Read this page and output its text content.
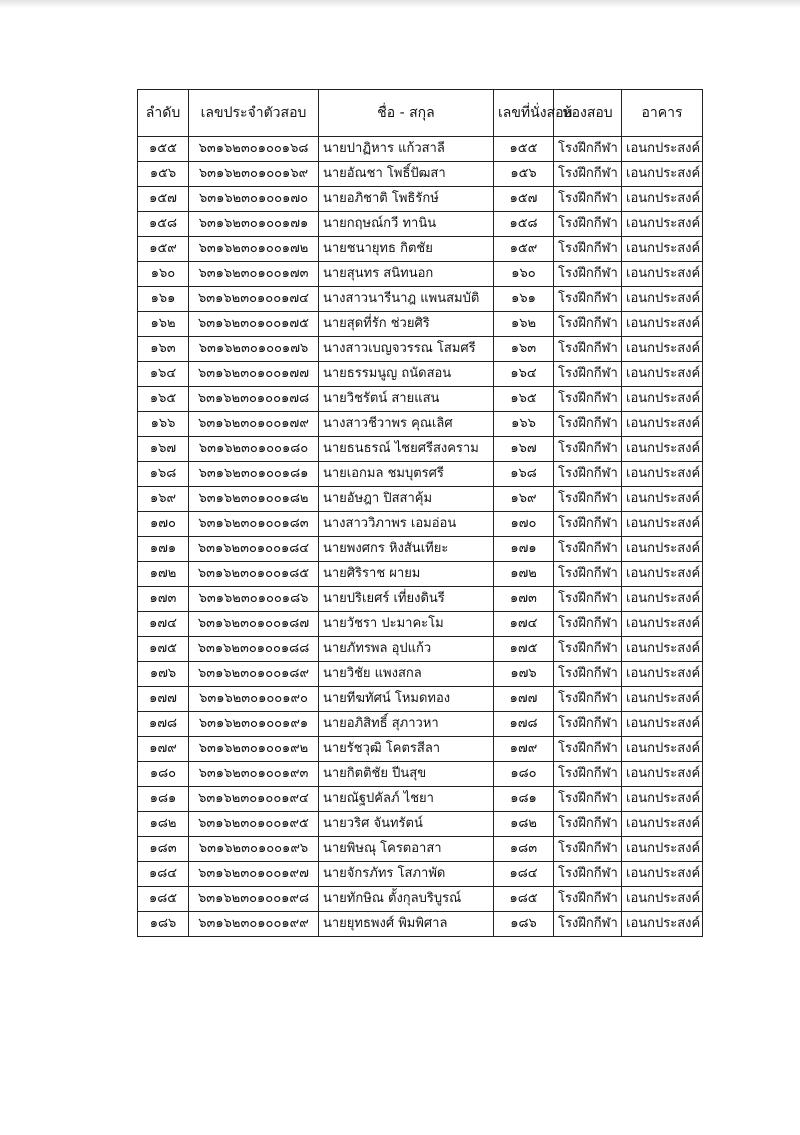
ลำดับ	เลขประจำตัวสอบ	ชื่อ - สกุล	เลขที่นั่งสอบ	ห้องสอบ	อาคาร
๑๕๕	๖๓๑๖๒๓๐๑๐๐๑๖๘	นายปาฏิหาร แก้วสาลี	๑๕๕	โรงฝึกกีฬา	เอนกประสงค์
๑๕๖	๖๓๑๖๒๓๐๑๐๐๑๖๙	นายอัณชา โพธิ์ปัฒสา	๑๕๖	โรงฝึกกีฬา	เอนกประสงค์
๑๕๗	๖๓๑๖๒๓๐๑๐๐๑๗๐	นายอภิชาติ โพธิรักษ์	๑๕๗	โรงฝึกกีฬา	เอนกประสงค์
๑๕๘	๖๓๑๖๒๓๐๑๐๐๑๗๑	นายกฤษณ์กวี ทานิน	๑๕๘	โรงฝึกกีฬา	เอนกประสงค์
๑๕๙	๖๓๑๖๒๓๐๑๐๐๑๗๒	นายชนายุทธ กิตชัย	๑๕๙	โรงฝึกกีฬา	เอนกประสงค์
๑๖๐	๖๓๑๖๒๓๐๑๐๐๑๗๓	นายสุนทร สนิทนอก	๑๖๐	โรงฝึกกีฬา	เอนกประสงค์
๑๖๑	๖๓๑๖๒๓๐๑๐๐๑๗๔	นางสาวนารีนาฎ แพนสมบัติ	๑๖๑	โรงฝึกกีฬา	เอนกประสงค์
๑๖๒	๖๓๑๖๒๓๐๑๐๐๑๗๕	นายสุดที่รัก ช่วยศิริ	๑๖๒	โรงฝึกกีฬา	เอนกประสงค์
๑๖๓	๖๓๑๖๒๓๐๑๐๐๑๗๖	นางสาวเบญจวรรณ โสมศรี	๑๖๓	โรงฝึกกีฬา	เอนกประสงค์
๑๖๔	๖๓๑๖๒๓๐๑๐๐๑๗๗	นายธรรมนูญ ถนัดสอน	๑๖๔	โรงฝึกกีฬา	เอนกประสงค์
๑๖๕	๖๓๑๖๒๓๐๑๐๐๑๗๘	นายวิชรัตน์ สายแสน	๑๖๕	โรงฝึกกีฬา	เอนกประสงค์
๑๖๖	๖๓๑๖๒๓๐๑๐๐๑๗๙	นางสาวชีวาพร คุณเลิศ	๑๖๖	โรงฝึกกีฬา	เอนกประสงค์
๑๖๗	๖๓๑๖๒๓๐๑๐๐๑๘๐	นายธนธรณ์ ไชยศรีสงคราม	๑๖๗	โรงฝึกกีฬา	เอนกประสงค์
๑๖๘	๖๓๑๖๒๓๐๑๐๐๑๘๑	นายเอกมล ชมบุตรศรี	๑๖๘	โรงฝึกกีฬา	เอนกประสงค์
๑๖๙	๖๓๑๖๒๓๐๑๐๐๑๘๒	นายอัษฎา ปิสสาคุ้ม	๑๖๙	โรงฝึกกีฬา	เอนกประสงค์
๑๗๐	๖๓๑๖๒๓๐๑๐๐๑๘๓	นางสาววิภาพร เอมอ่อน	๑๗๐	โรงฝึกกีฬา	เอนกประสงค์
๑๗๑	๖๓๑๖๒๓๐๑๐๐๑๘๔	นายพงศกร หิงสันเทียะ	๑๗๑	โรงฝึกกีฬา	เอนกประสงค์
๑๗๒	๖๓๑๖๒๓๐๑๐๐๑๘๕	นายศิริราช ผายม	๑๗๒	โรงฝึกกีฬา	เอนกประสงค์
๑๗๓	๖๓๑๖๒๓๐๑๐๐๑๘๖	นายปริเยศร์ เที่ยงดินรี	๑๗๓	โรงฝึกกีฬา	เอนกประสงค์
๑๗๔	๖๓๑๖๒๓๐๑๐๐๑๘๗	นายวัชรา ปะมาคะโม	๑๗๔	โรงฝึกกีฬา	เอนกประสงค์
๑๗๕	๖๓๑๖๒๓๐๑๐๐๑๘๘	นายภัทรพล อุปแก้ว	๑๗๕	โรงฝึกกีฬา	เอนกประสงค์
๑๗๖	๖๓๑๖๒๓๐๑๐๐๑๘๙	นายวิชัย แพงสกล	๑๗๖	โรงฝึกกีฬา	เอนกประสงค์
๑๗๗	๖๓๑๖๒๓๐๑๐๐๑๙๐	นายทีฆทัศน์ โหมดทอง	๑๗๗	โรงฝึกกีฬา	เอนกประสงค์
๑๗๘	๖๓๑๖๒๓๐๑๐๐๑๙๑	นายอภิสิทธิ์ สุภาวหา	๑๗๘	โรงฝึกกีฬา	เอนกประสงค์
๑๗๙	๖๓๑๖๒๓๐๑๐๐๑๙๒	นายรัชวุฒิ โคตรสีลา	๑๗๙	โรงฝึกกีฬา	เอนกประสงค์
๑๘๐	๖๓๑๖๒๓๐๑๐๐๑๙๓	นายกิตติชัย ปีนสุข	๑๘๐	โรงฝึกกีฬา	เอนกประสงค์
๑๘๑	๖๓๑๖๒๓๐๑๐๐๑๙๔	นายณัฐปคัลภ์ ไชยา	๑๘๑	โรงฝึกกีฬา	เอนกประสงค์
๑๘๒	๖๓๑๖๒๓๐๑๐๐๑๙๕	นายวริศ จันทรัตน์	๑๘๒	โรงฝึกกีฬา	เอนกประสงค์
๑๘๓	๖๓๑๖๒๓๐๑๐๐๑๙๖	นายพิษณุ โครตอาสา	๑๘๓	โรงฝึกกีฬา	เอนกประสงค์
๑๘๔	๖๓๑๖๒๓๐๑๐๐๑๙๗	นายจักรภัทร โสภาพัด	๑๘๔	โรงฝึกกีฬา	เอนกประสงค์
๑๘๕	๖๓๑๖๒๓๐๑๐๐๑๙๘	นายทักษิณ ตั้งกุลบริบูรณ์	๑๘๕	โรงฝึกกีฬา	เอนกประสงค์
๑๘๖	๖๓๑๖๒๓๐๑๐๐๑๙๙	นายยุทธพงศ์ พิมพิศาล	๑๘๖	โรงฝึกกีฬา	เอนกประสงค์
